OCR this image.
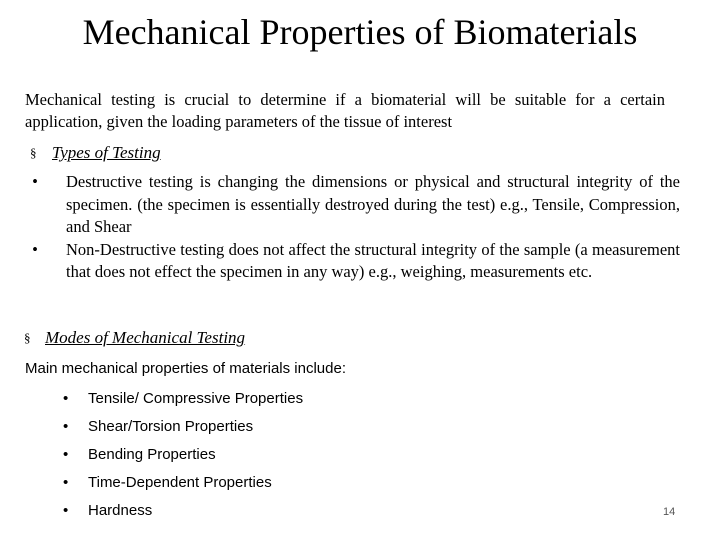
Mechanical Properties of Biomaterials
Mechanical testing is crucial to determine if a biomaterial will be suitable for a certain application, given the loading parameters of the tissue of interest
§ Types of Testing
• Destructive testing is changing the dimensions or physical and structural integrity of the specimen. (the specimen is essentially destroyed during the test) e.g., Tensile, Compression, and Shear
• Non-Destructive testing does not affect the structural integrity of the sample (a measurement that does not effect the specimen in any way) e.g., weighing, measurements etc.
§ Modes of Mechanical Testing
Main mechanical properties of materials include:
• Tensile/ Compressive Properties
• Shear/Torsion Properties
• Bending Properties
• Time-Dependent Properties
• Hardness	14
